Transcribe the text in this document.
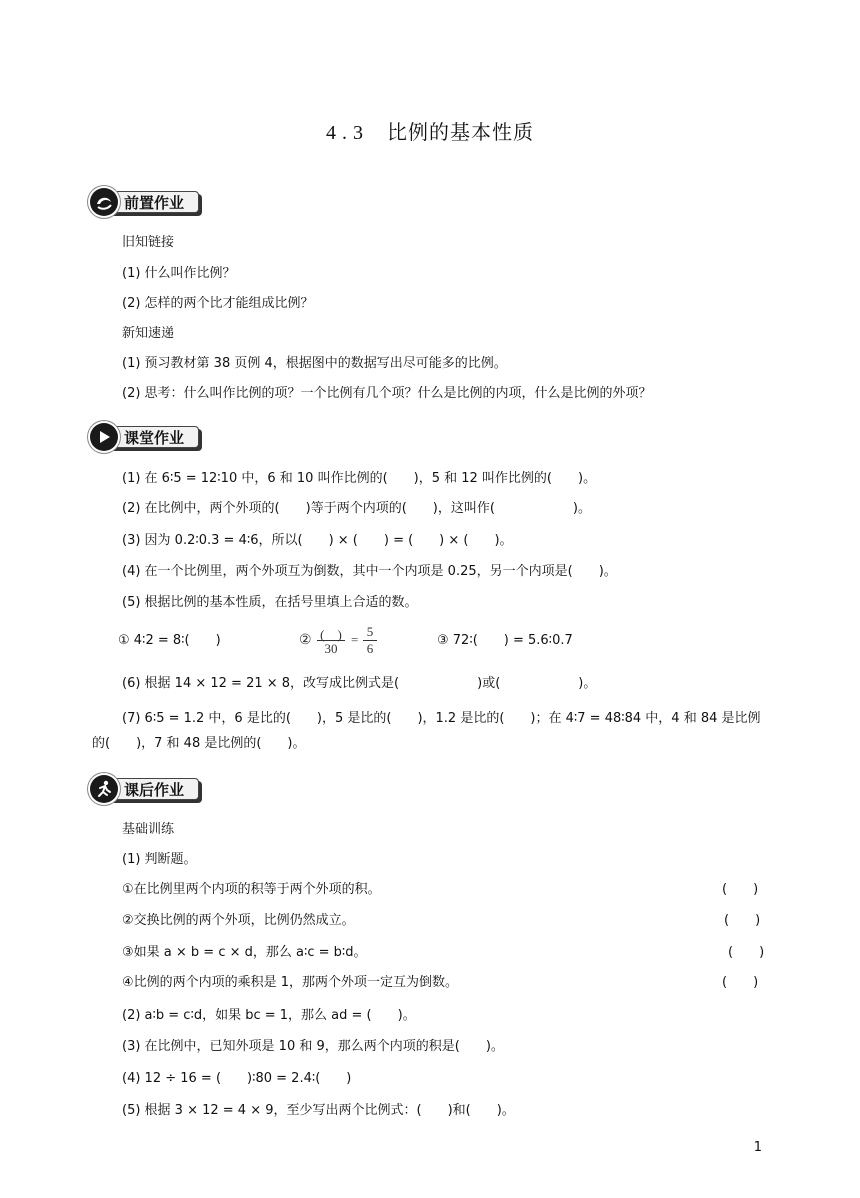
4.3 比例的基本性质
前置作业
旧知链接
(1) 什么叫作比例？
(2) 怎样的两个比才能组成比例？
新知速递
(1) 预习教材第 38 页例 4，根据图中的数据写出尽可能多的比例。
(2) 思考：什么叫作比例的项？一个比例有几个项？什么是比例的内项，什么是比例的外项？
课堂作业
(1) 在 6∶5 = 12∶10 中，6 和 10 叫作比例的(　　)，5 和 12 叫作比例的(　　)。
(2) 在比例中，两个外项的(　　)等于两个内项的(　　)，这叫作(　　　　　　)。
(3) 因为 0.2∶0.3 = 4∶6，所以(　　) × (　　) = (　　) × (　　)。
(4) 在一个比例里，两个外项互为倒数，其中一个内项是 0.25，另一个内项是(　　)。
(5) 根据比例的基本性质，在括号里填上合适的数。
① 4∶2 = 8∶(　　)	② (　)
30
=
5
6
③ 72∶(　　) = 5.6∶0.7
(6) 根据 14 × 12 = 21 × 8，改写成比例式是(　　　　　　)或(　　　　　　)。
(7) 6∶5 = 1.2 中，6 是比的(　　)，5 是比的(　　)，1.2 是比的(　　)；在 4∶7 = 48∶84 中，4 和 84 是比例的(　　)，7 和 48 是比例的(　　)。
课后作业
基础训练
(1) 判断题。
①在比例里两个内项的积等于两个外项的积。	(　　)
②交换比例的两个外项，比例仍然成立。	(　　)
③如果 a × b = c × d，那么 a∶c = b∶d。	(　　)
④比例的两个内项的乘积是 1，那两个外项一定互为倒数。	(　　)
(2) a∶b = c∶d，如果 bc = 1，那么 ad = (　　)。
(3) 在比例中，已知外项是 10 和 9，那么两个内项的积是(　　)。
(4) 12 ÷ 16 = (　　)∶80 = 2.4∶(　　)
(5) 根据 3 × 12 = 4 × 9，至少写出两个比例式：(　　)和(　　)。
1
